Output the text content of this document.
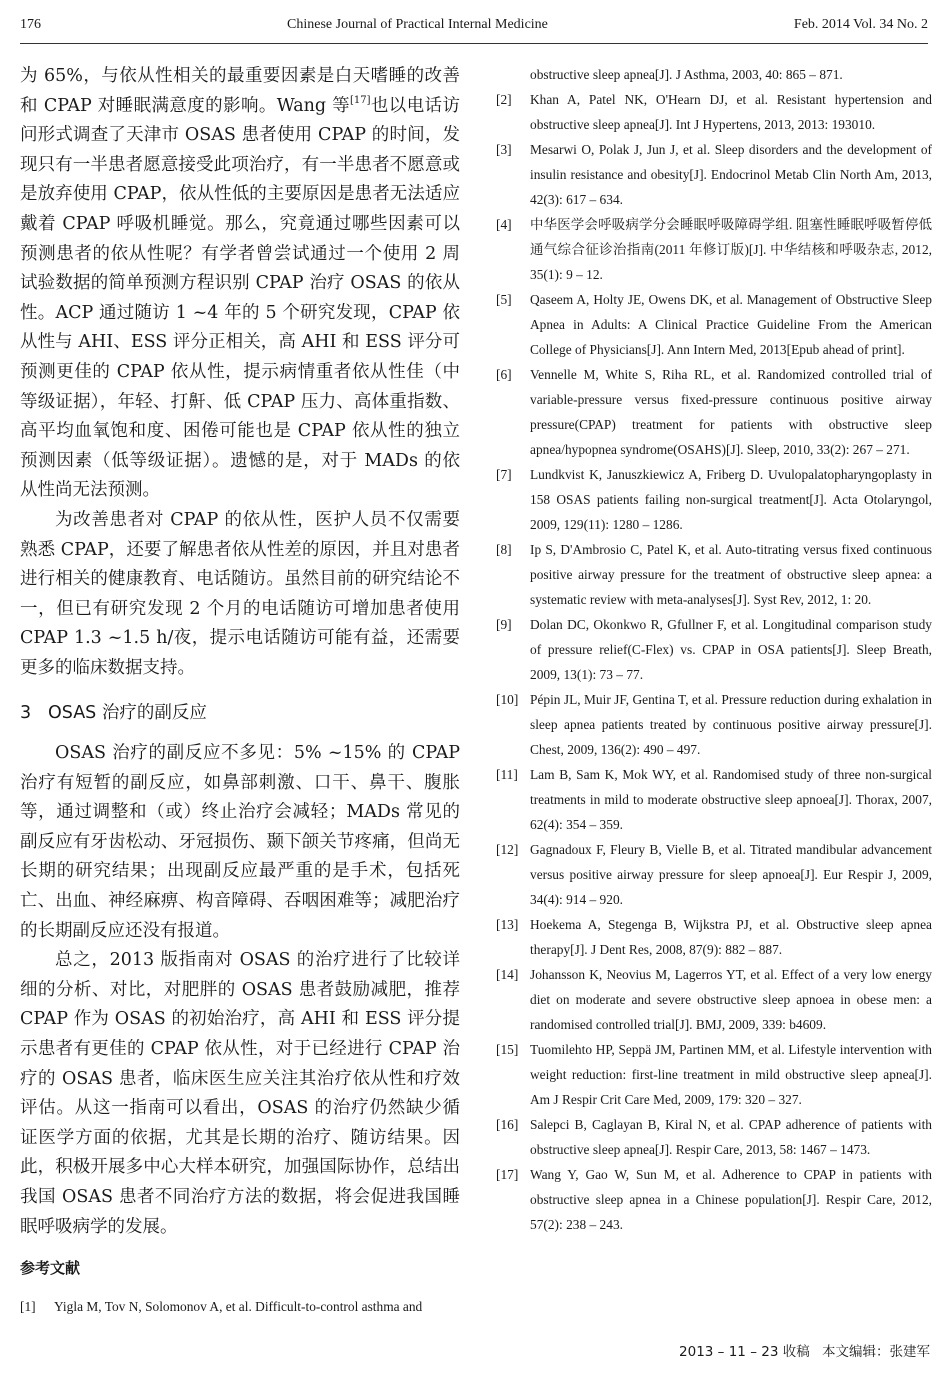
176	Chinese Journal of Practical Internal Medicine	Feb. 2014 Vol. 34 No. 2

为 65%，与依从性相关的最重要因素是白天嗜睡的改善和 CPAP 对睡眠满意度的影响。Wang 等[17]也以电话访问形式调查了天津市 OSAS 患者使用 CPAP 的时间，发现只有一半患者愿意接受此项治疗，有一半患者不愿意或是放弃使用 CPAP，依从性低的主要原因是患者无法适应戴着 CPAP 呼吸机睡觉。那么，究竟通过哪些因素可以预测患者的依从性呢？有学者曾尝试通过一个使用 2 周试验数据的简单预测方程识别 CPAP 治疗 OSAS 的依从性。ACP 通过随访 1 ~4 年的 5 个研究发现，CPAP 依从性与 AHI、ESS 评分正相关，高 AHI 和 ESS 评分可预测更佳的 CPAP 依从性，提示病情重者依从性佳（中等级证据），年轻、打鼾、低 CPAP 压力、高体重指数、高平均血氧饱和度、困倦可能也是 CPAP 依从性的独立预测因素（低等级证据）。遗憾的是，对于 MADs 的依从性尚无法预测。

为改善患者对 CPAP 的依从性，医护人员不仅需要熟悉 CPAP，还要了解患者依从性差的原因，并且对患者进行相关的健康教育、电话随访。虽然目前的研究结论不一，但已有研究发现 2 个月的电话随访可增加患者使用 CPAP 1.3 ~1.5 h/夜，提示电话随访可能有益，还需要更多的临床数据支持。

3 OSAS 治疗的副反应

OSAS 治疗的副反应不多见：5% ~15% 的 CPAP 治疗有短暂的副反应，如鼻部刺激、口干、鼻干、腹胀等，通过调整和（或）终止治疗会减轻；MADs 常见的副反应有牙齿松动、牙冠损伤、颞下颌关节疼痛，但尚无长期的研究结果；出现副反应最严重的是手术，包括死亡、出血、神经麻痹、构音障碍、吞咽困难等；减肥治疗的长期副反应还没有报道。

总之，2013 版指南对 OSAS 的治疗进行了比较详细的分析、对比，对肥胖的 OSAS 患者鼓励减肥，推荐 CPAP 作为 OSAS 的初始治疗，高 AHI 和 ESS 评分提示患者有更佳的 CPAP 依从性，对于已经进行 CPAP 治疗的 OSAS 患者，临床医生应关注其治疗依从性和疗效评估。从这一指南可以看出，OSAS 的治疗仍然缺少循证医学方面的依据，尤其是长期的治疗、随访结果。因此，积极开展多中心大样本研究，加强国际协作，总结出我国 OSAS 患者不同治疗方法的数据，将会促进我国睡眠呼吸病学的发展。

参考文献
[1]	Yigla M, Tov N, Solomonov A, et al. Difficult-to-control asthma and
obstructive sleep apnea[J]. J Asthma, 2003, 40: 865 – 871.
[2]	Khan A, Patel NK, O'Hearn DJ, et al. Resistant hypertension and obstructive sleep apnea[J]. Int J Hypertens, 2013, 2013: 193010.
[3]	Mesarwi O, Polak J, Jun J, et al. Sleep disorders and the development of insulin resistance and obesity[J]. Endocrinol Metab Clin North Am, 2013, 42(3): 617 – 634.
[4]	中华医学会呼吸病学分会睡眠呼吸障碍学组. 阻塞性睡眠呼吸暂停低通气综合征诊治指南(2011 年修订版)[J]. 中华结核和呼吸杂志, 2012, 35(1): 9 – 12.
[5]	Qaseem A, Holty JE, Owens DK, et al. Management of Obstructive Sleep Apnea in Adults: A Clinical Practice Guideline From the American College of Physicians[J]. Ann Intern Med, 2013[Epub ahead of print].
[6]	Vennelle M, White S, Riha RL, et al. Randomized controlled trial of variable-pressure versus fixed-pressure continuous positive airway pressure(CPAP) treatment for patients with obstructive sleep apnea/hypopnea syndrome(OSAHS)[J]. Sleep, 2010, 33(2): 267 – 271.
[7]	Lundkvist K, Januszkiewicz A, Friberg D. Uvulopalatopharyngoplasty in 158 OSAS patients failing non-surgical treatment[J]. Acta Otolaryngol, 2009, 129(11): 1280 – 1286.
[8]	Ip S, D'Ambrosio C, Patel K, et al. Auto-titrating versus fixed continuous positive airway pressure for the treatment of obstructive sleep apnea: a systematic review with meta-analyses[J]. Syst Rev, 2012, 1: 20.
[9]	Dolan DC, Okonkwo R, Gfullner F, et al. Longitudinal comparison study of pressure relief(C-Flex) vs. CPAP in OSA patients[J]. Sleep Breath, 2009, 13(1): 73 – 77.
[10] Pépin JL, Muir JF, Gentina T, et al. Pressure reduction during exhalation in sleep apnea patients treated by continuous positive airway pressure[J]. Chest, 2009, 136(2): 490 – 497.
[11] Lam B, Sam K, Mok WY, et al. Randomised study of three non-surgical treatments in mild to moderate obstructive sleep apnoea[J]. Thorax, 2007, 62(4): 354 – 359.
[12] Gagnadoux F, Fleury B, Vielle B, et al. Titrated mandibular advancement versus positive airway pressure for sleep apnoea[J]. Eur Respir J, 2009, 34(4): 914 – 920.
[13] Hoekema A, Stegenga B, Wijkstra PJ, et al. Obstructive sleep apnea therapy[J]. J Dent Res, 2008, 87(9): 882 – 887.
[14] Johansson K, Neovius M, Lagerros YT, et al. Effect of a very low energy diet on moderate and severe obstructive sleep apnoea in obese men: a randomised controlled trial[J]. BMJ, 2009, 339: b4609.
[15] Tuomilehto HP, Seppä JM, Partinen MM, et al. Lifestyle intervention with weight reduction: first-line treatment in mild obstructive sleep apnea[J]. Am J Respir Crit Care Med, 2009, 179: 320 – 327.
[16] Salepci B, Caglayan B, Kiral N, et al. CPAP adherence of patients with obstructive sleep apnea[J]. Respir Care, 2013, 58: 1467 – 1473.
[17] Wang Y, Gao W, Sun M, et al. Adherence to CPAP in patients with obstructive sleep apnea in a Chinese population[J]. Respir Care, 2012, 57(2): 238 – 243.
2013 – 11 – 23 收稿 本文编辑：张建军
